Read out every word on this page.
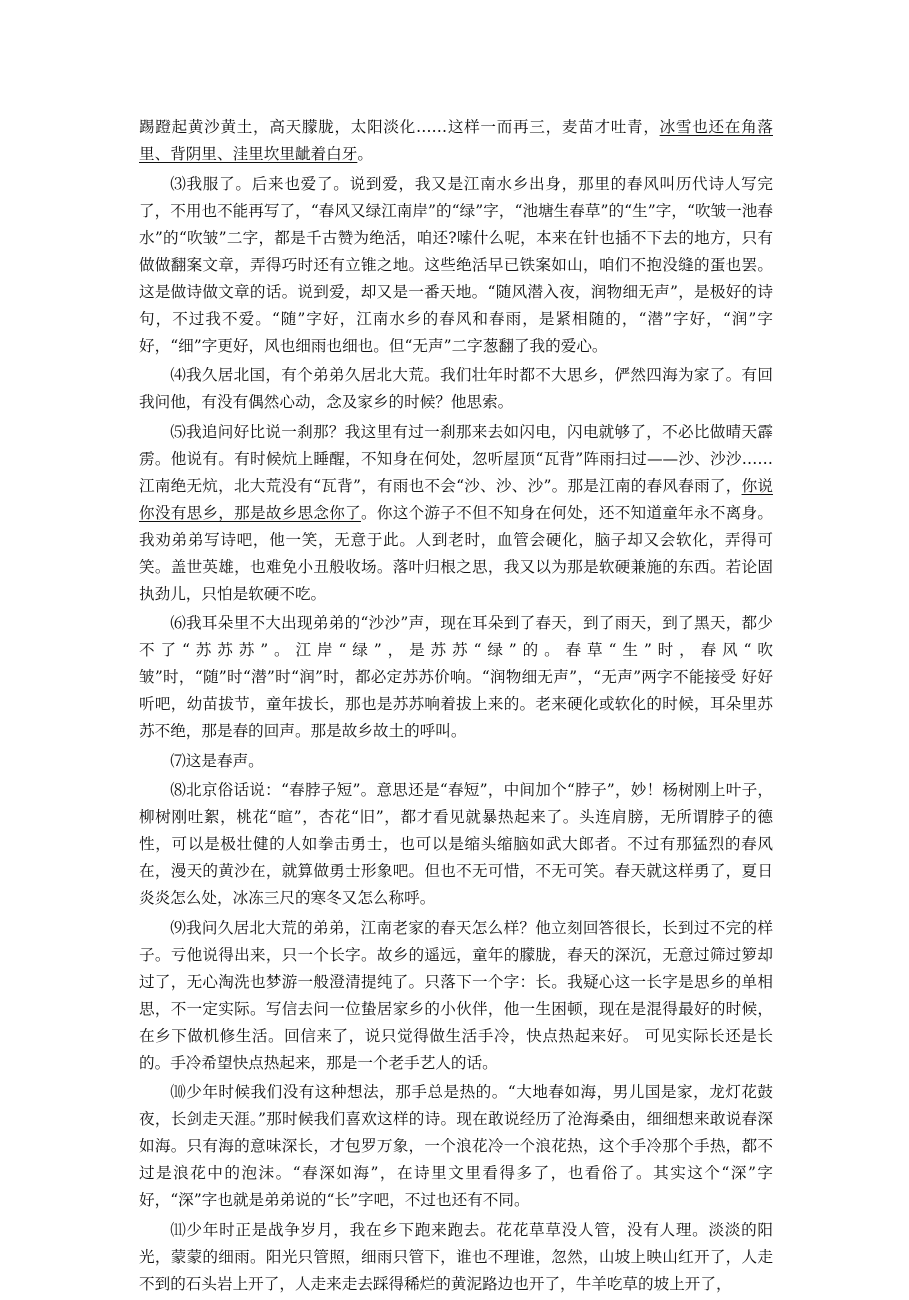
踢蹬起黄沙黄土，高天朦胧，太阳淡化……这样一而再三，麦苗才吐青，冰雪也还在角落里、背阴里、洼里坎里龇着白牙。

⑶我服了。后来也爱了。说到爱，我又是江南水乡出身，那里的春风叫历代诗人写完了，不用也不能再写了，“春风又绿江南岸”的“绿”字，“池塘生春草”的“生”字，“吹皱一池春水”的“吹皱”二字，都是千古赞为绝活，咱还?嗦什么呢，本来在针也插不下去的地方，只有做做翻案文章，弄得巧时还有立锥之地。这些绝活早已铁案如山，咱们不抱没缝的蛋也罢。这是做诗做文章的话。说到爱，却又是一番天地。“随风潜入夜，润物细无声”，是极好的诗句，不过我不爱。“随”字好，江南水乡的春风和春雨，是紧相随的，“潜”字好，“润”字好，“细”字更好，风也细雨也细也。但“无声”二字葱翻了我的爱心。

⑷我久居北国，有个弟弟久居北大荒。我们壮年时都不大思乡，俨然四海为家了。有回我问他，有没有偶然心动，念及家乡的时候？他思索。

⑸我追问好比说一刹那？我这里有过一刹那来去如闪电，闪电就够了，不必比做晴天霹雳。他说有。有时候炕上睡醒，不知身在何处，忽听屋顶“瓦背”阵雨扫过——沙、沙沙……江南绝无炕，北大荒没有“瓦背”，有雨也不会“沙、沙、沙”。那是江南的春风春雨了，你说你没有思乡，那是故乡思念你了。你这个游子不但不知身在何处，还不知道童年永不离身。我劝弟弟写诗吧，他一笑，无意于此。人到老时，血管会硬化，脑子却又会软化，弄得可笑。盖世英雄，也难免小丑般收场。落叶归根之思，我又以为那是软硬兼施的东西。若论固执劲儿，只怕是软硬不吃。

⑹我耳朵里不大出现弟弟的“沙沙”声，现在耳朵到了春天，到了雨天，到了黑天，都少不了“苏苏苏”。江岸“绿”，是苏苏“绿”的。春草“生”时，春风“吹皱”时，“随”时“潜”时“润”时，都必定苏苏价响。“润物细无声”，“无声”两字不能接受 好好听吧，幼苗拔节，童年拔长，那也是苏苏响着拔上来的。老来硬化或软化的时候，耳朵里苏苏不绝，那是春的回声。那是故乡故土的呼叫。

⑺这是春声。

⑻北京俗话说：“春脖子短”。意思还是“春短”，中间加个“脖子”，妙！杨树刚上叶子，柳树刚吐絮，桃花“暄”，杏花“旧”，都才看见就暴热起来了。头连肩膀，无所谓脖子的德性，可以是极壮健的人如拳击勇士，也可以是缩头缩脑如武大郎者。不过有那猛烈的春风在，漫天的黄沙在，就算做勇士形象吧。但也不无可惜，不无可笑。春天就这样勇了，夏日炎炎怎么处，冰冻三尺的寒冬又怎么称呼。

⑼我问久居北大荒的弟弟，江南老家的春天怎么样？他立刻回答很长，长到过不完的样子。亏他说得出来，只一个长字。故乡的遥远，童年的朦胧，春天的深沉，无意过筛过箩却过了，无心淘洗也梦游一般澄清提纯了。只落下一个字：长。我疑心这一长字是思乡的单相思，不一定实际。写信去问一位蛰居家乡的小伙伴，他一生困顿，现在是混得最好的时候，在乡下做机修生活。回信来了，说只觉得做生活手冷，快点热起来好。 可见实际长还是长的。手冷希望快点热起来，那是一个老手艺人的话。

⑽少年时候我们没有这种想法，那手总是热的。“大地春如海，男儿国是家，龙灯花鼓夜，长剑走天涯。”那时候我们喜欢这样的诗。现在敢说经历了沧海桑由，细细想来敢说春深如海。只有海的意味深长，才包罗万象，一个浪花冷一个浪花热，这个手冷那个手热，都不过是浪花中的泡沫。“春深如海”，在诗里文里看得多了，也看俗了。其实这个“深”字好，“深”字也就是弟弟说的“长”字吧，不过也还有不同。

⑾少年时正是战争岁月，我在乡下跑来跑去。花花草草没人管，没有人理。淡淡的阳光，蒙蒙的细雨。阳光只管照，细雨只管下，谁也不理谁，忽然，山坡上映山红开了，人走不到的石头岩上开了，人走来走去踩得稀烂的黄泥路边也开了，牛羊吃草的坡上开了，
